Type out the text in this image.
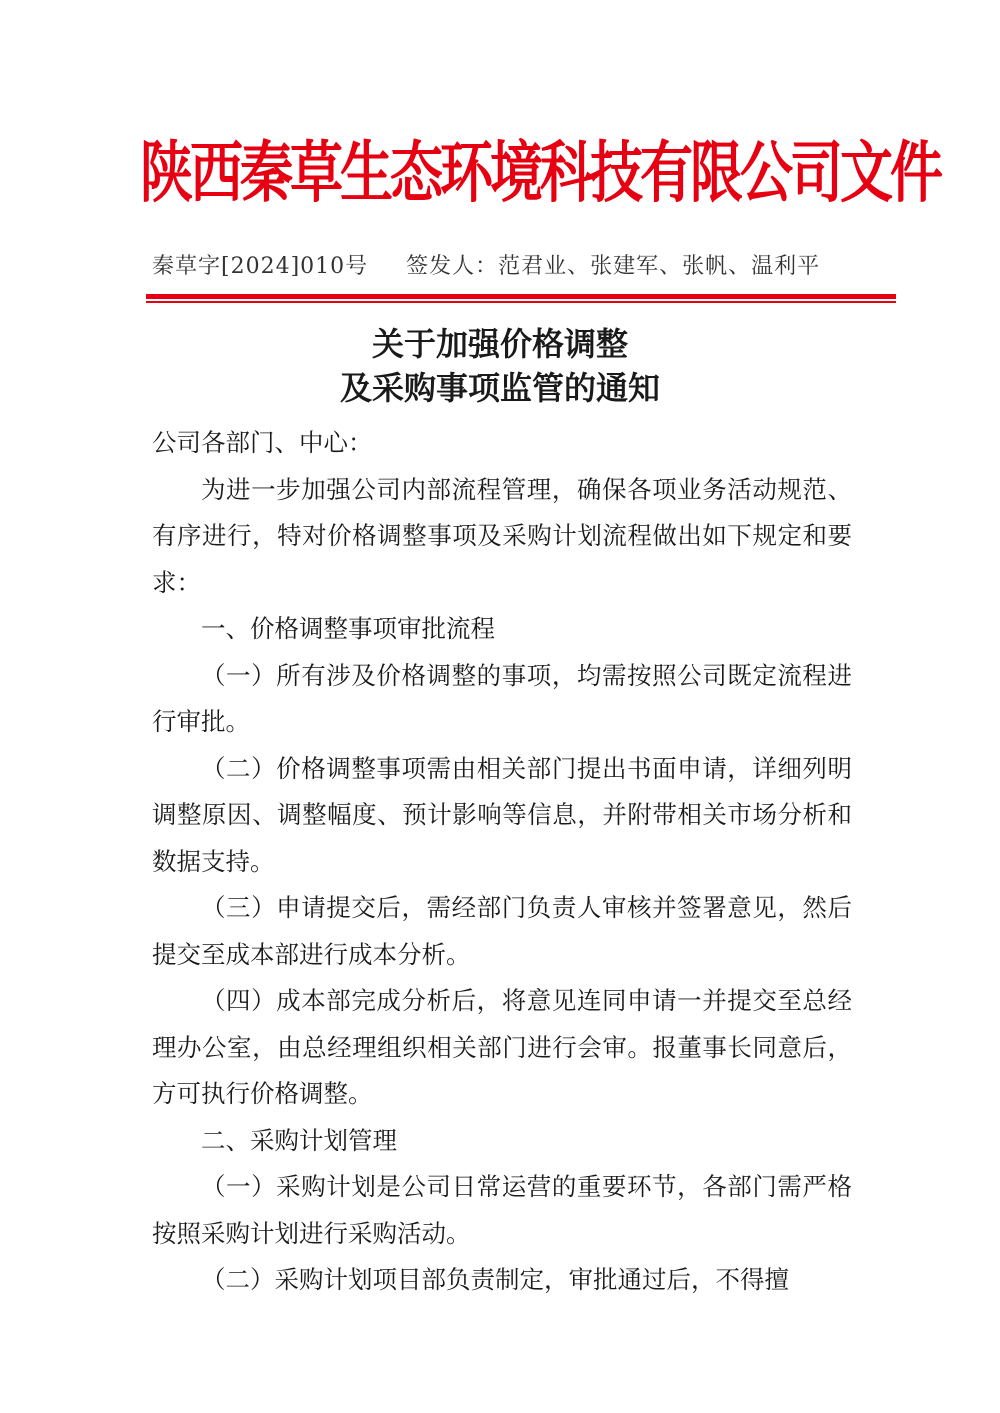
陕西秦草生态环境科技有限公司文件
秦草字[2024]010号 签发人：范君业、张建军、张帆、温利平
关于加强价格调整
及采购事项监管的通知

公司各部门、中心：

为进一步加强公司内部流程管理，确保各项业务活动规范、有序进行，特对价格调整事项及采购计划流程做出如下规定和要求：

一、价格调整事项审批流程

（一）所有涉及价格调整的事项，均需按照公司既定流程进行审批。

（二）价格调整事项需由相关部门提出书面申请，详细列明调整原因、调整幅度、预计影响等信息，并附带相关市场分析和数据支持。

（三）申请提交后，需经部门负责人审核并签署意见，然后提交至成本部进行成本分析。

（四）成本部完成分析后，将意见连同申请一并提交至总经理办公室，由总经理组织相关部门进行会审。报董事长同意后，方可执行价格调整。

二、采购计划管理

（一）采购计划是公司日常运营的重要环节，各部门需严格按照采购计划进行采购活动。

（二）采购计划项目部负责制定，审批通过后，不得擅
